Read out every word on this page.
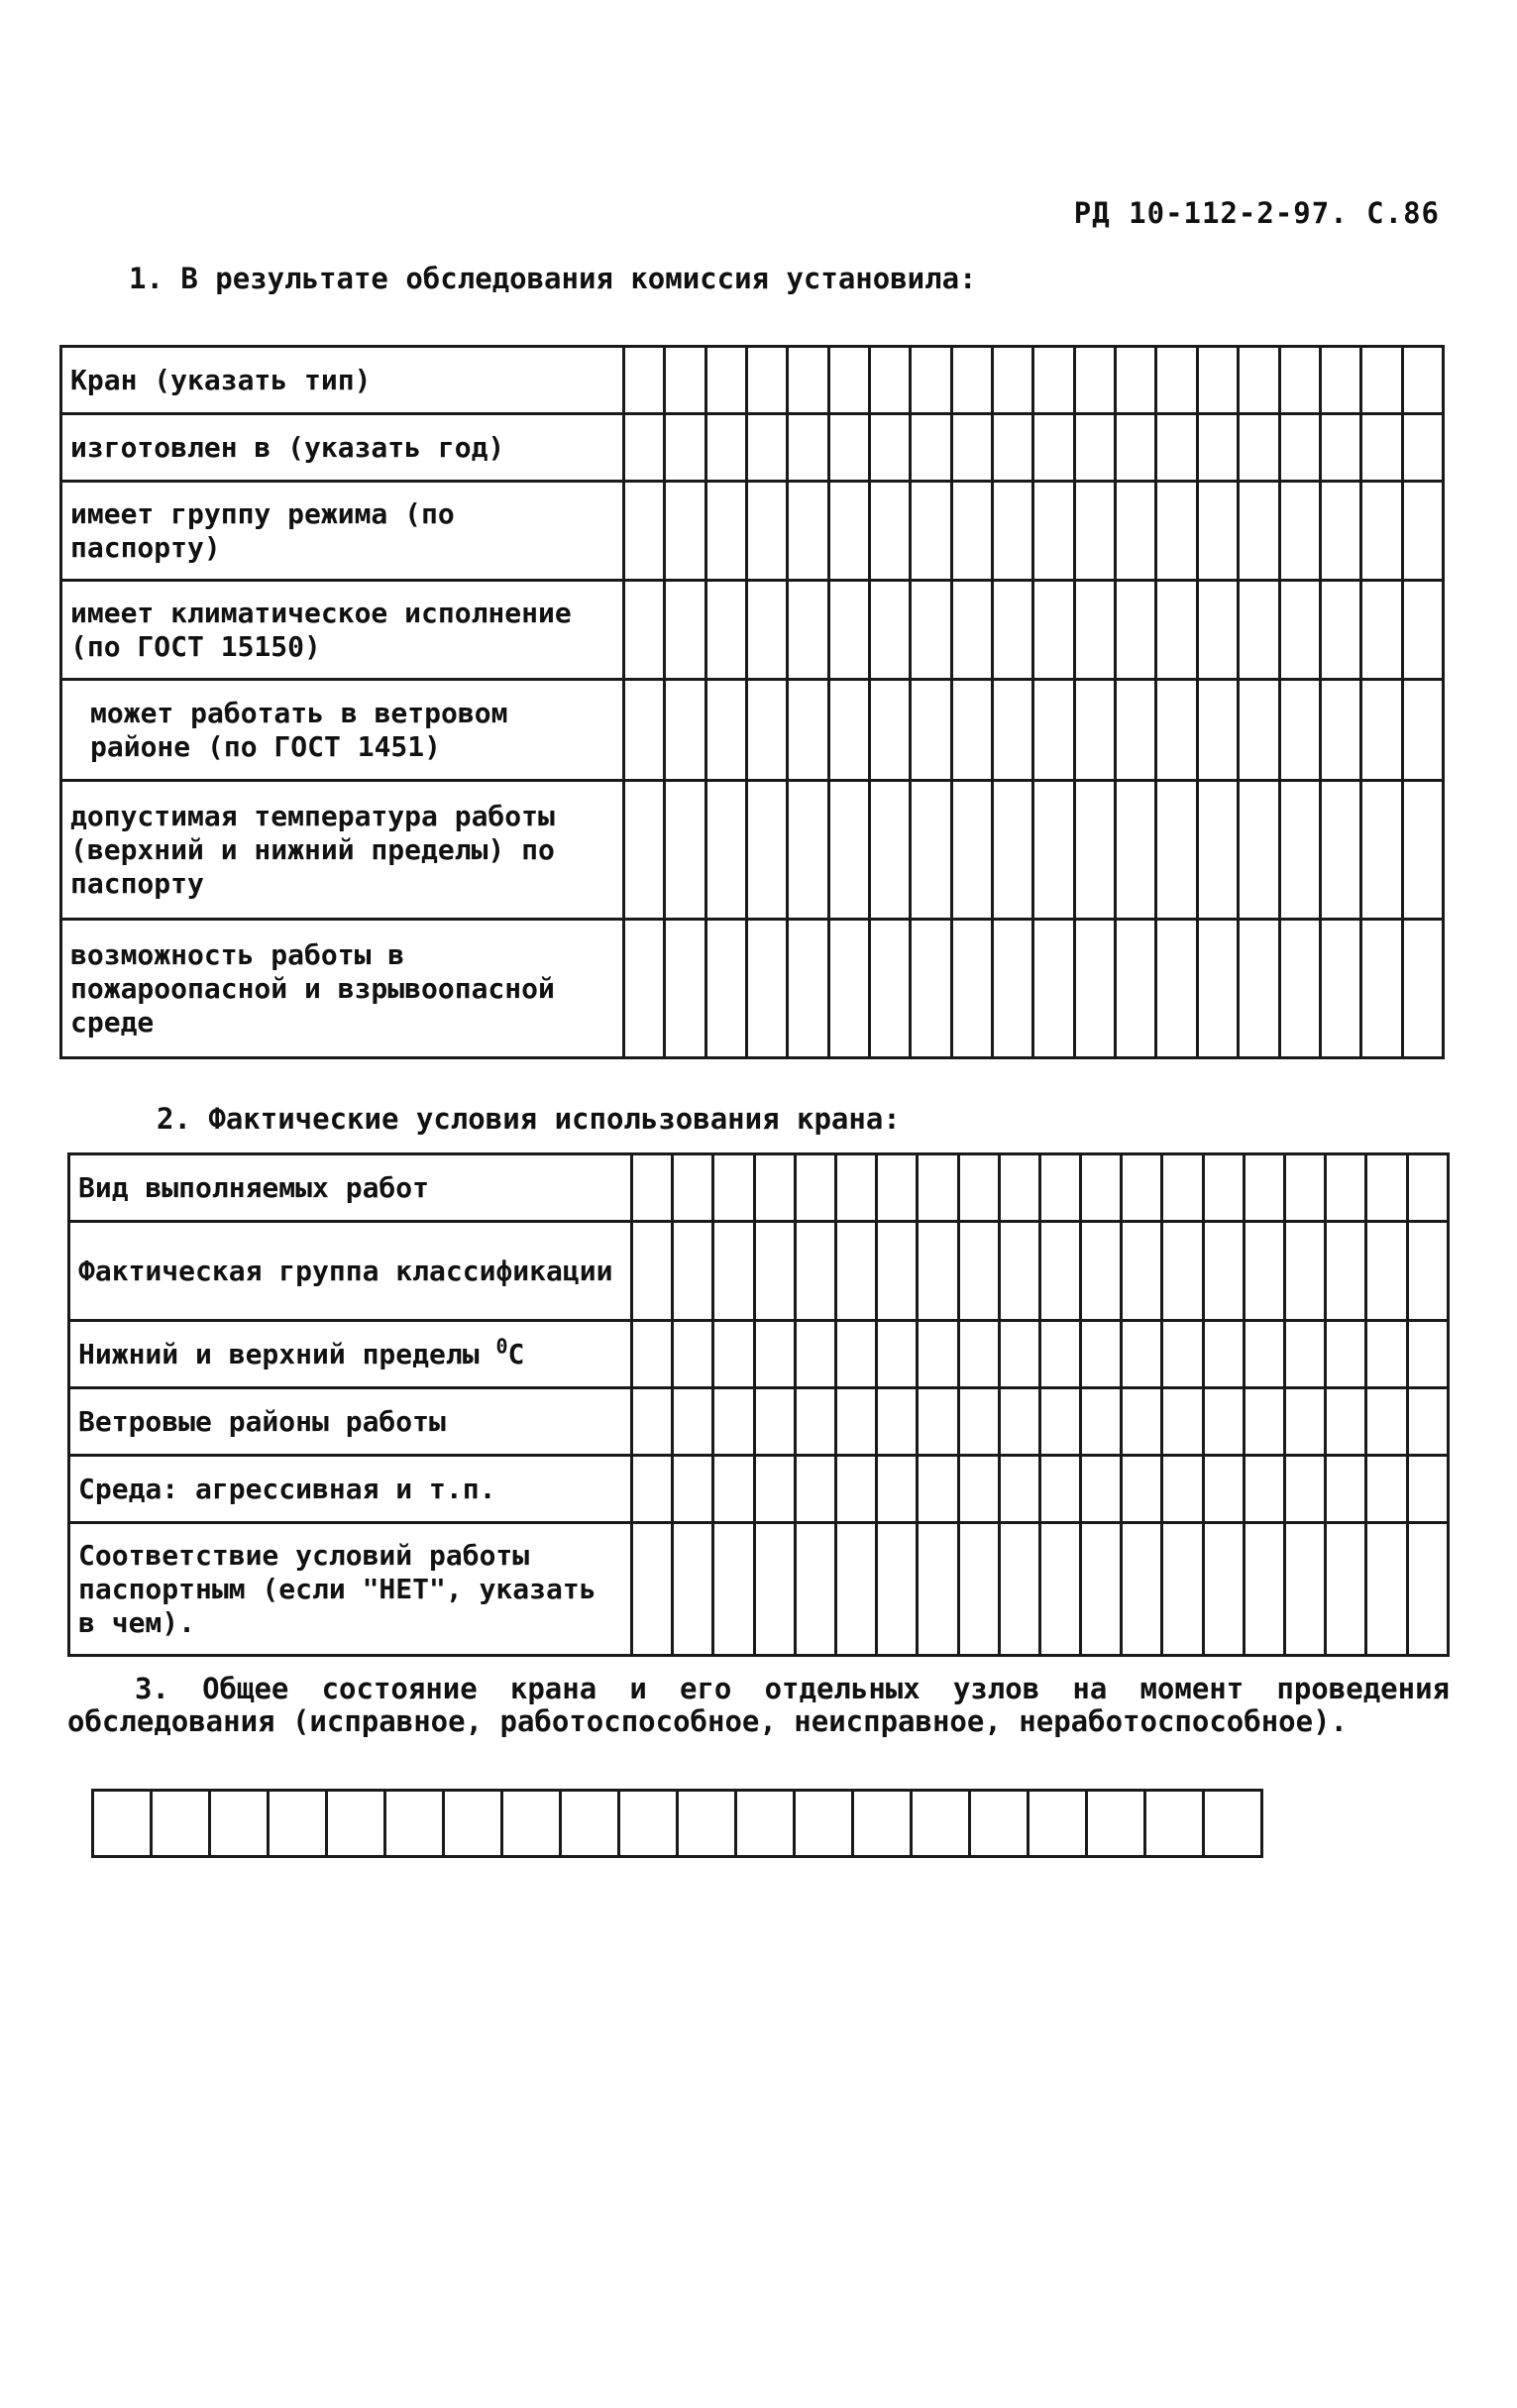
РД 10-112-2-97. С.86
1. В результате обследования комиссия установила:
Кран (указать тип)																				
изготовлен в (указать год)																				
имеет группу режима (по паспорту)																				
имеет климатическое исполнение (по ГОСТ 15150)																				
может работать в ветровом районе (по ГОСТ 1451)																				
допустимая температура работы (верхний и нижний пределы) по паспорту																				
возможность работы в пожароопасной и взрывоопасной среде																				
2. Фактические условия использования крана:
Вид выполняемых работ																				
Фактическая группа классификации																				
Нижний и верхний пределы $^0$C																				
Ветровые районы работы																				
Среда: агрессивная и т.п.																				
Соответствие условий работы паспортным (если "НЕТ", указать в чем).																				
3. Общее состояние крана и его отдельных узлов на момент проведения обследования (исправное, работоспособное, неисправное, неработоспособное).
